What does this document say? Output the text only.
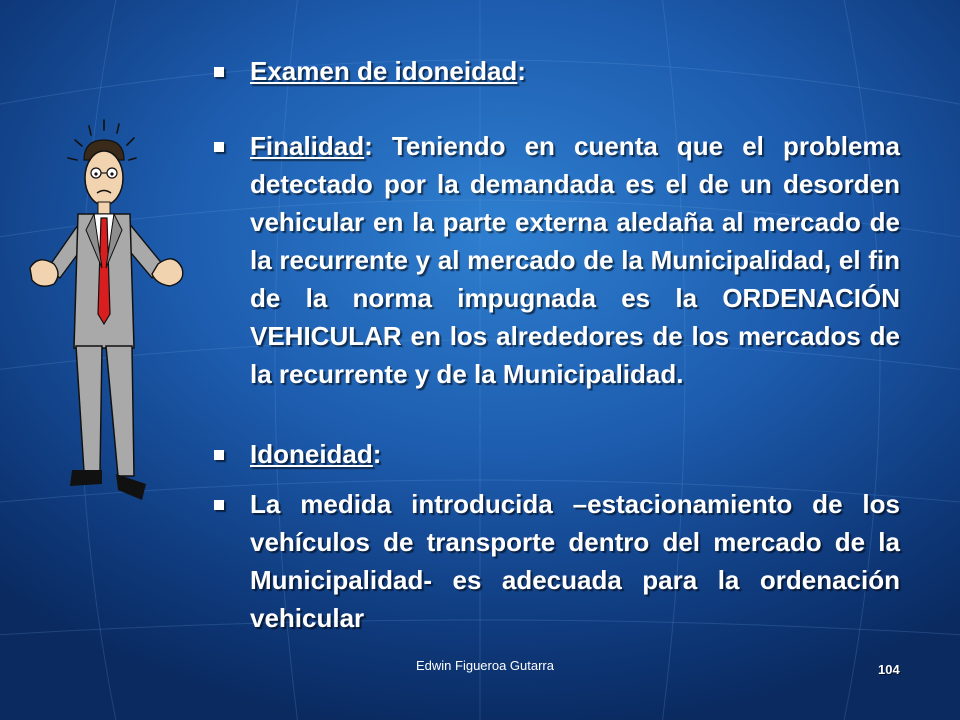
Examen de idoneidad:
Finalidad: Teniendo en cuenta que el problema detectado por la demandada es el de un desorden vehicular en la parte externa aledaña al mercado de la recurrente y al mercado de la Municipalidad, el fin de la norma impugnada es la ORDENACIÓN VEHICULAR en los alrededores de los mercados de la recurrente y de la Municipalidad.
Idoneidad:
La medida introducida –estacionamiento de los vehículos de transporte dentro del mercado de la Municipalidad- es adecuada para la ordenación vehicular
Edwin Figueroa Gutarra	104
